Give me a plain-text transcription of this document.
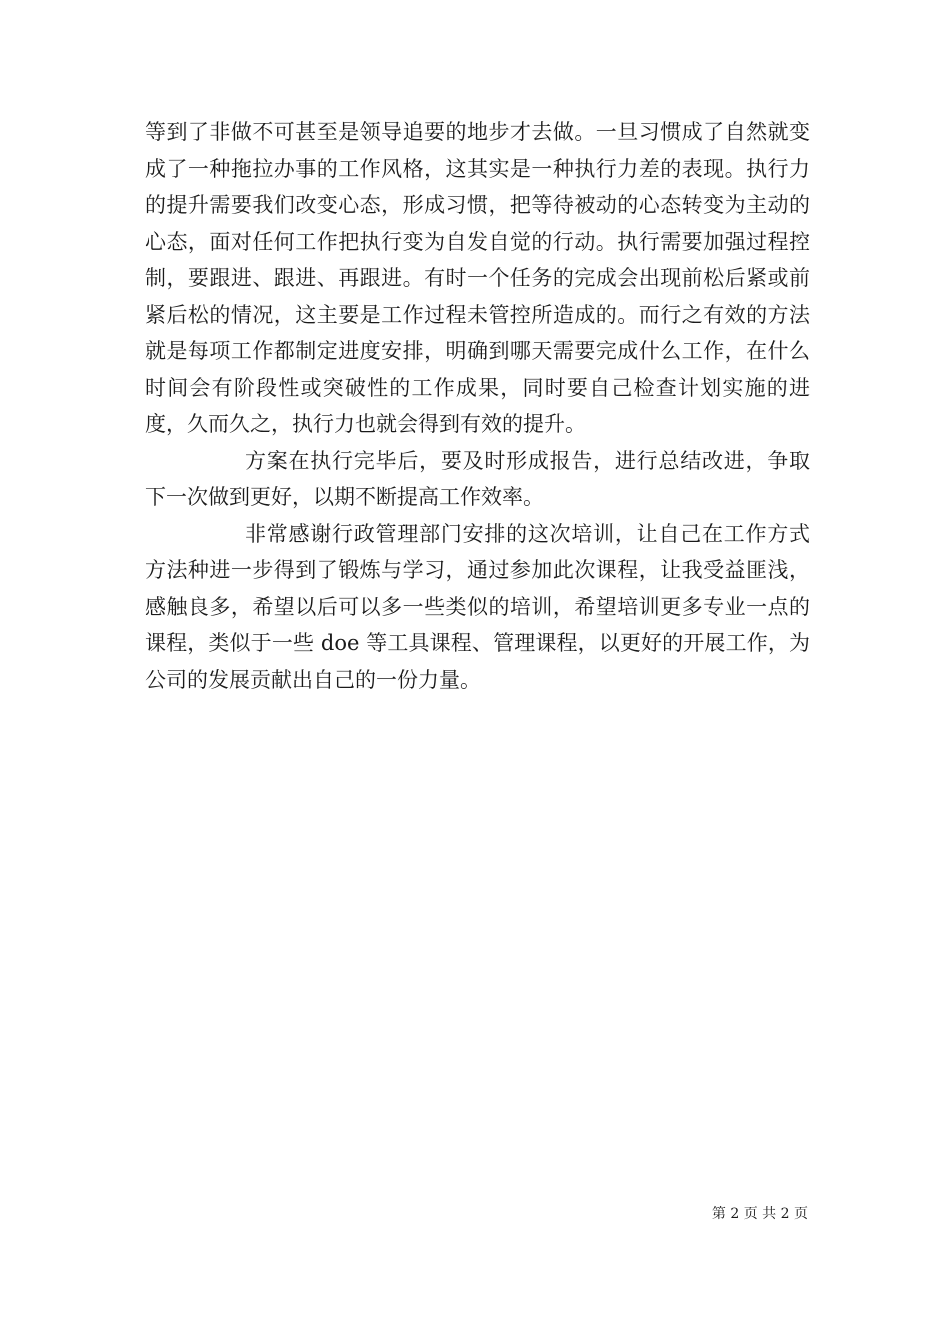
等到了非做不可甚至是领导追要的地步才去做。一旦习惯成了自然就变成了一种拖拉办事的工作风格，这其实是一种执行力差的表现。执行力的提升需要我们改变心态，形成习惯，把等待被动的心态转变为主动的心态，面对任何工作把执行变为自发自觉的行动。执行需要加强过程控制，要跟进、跟进、再跟进。有时一个任务的完成会出现前松后紧或前紧后松的情况，这主要是工作过程未管控所造成的。而行之有效的方法就是每项工作都制定进度安排，明确到哪天需要完成什么工作，在什么时间会有阶段性或突破性的工作成果，同时要自己检查计划实施的进度，久而久之，执行力也就会得到有效的提升。

方案在执行完毕后，要及时形成报告，进行总结改进，争取下一次做到更好，以期不断提高工作效率。

非常感谢行政管理部门安排的这次培训，让自己在工作方式方法种进一步得到了锻炼与学习，通过参加此次课程，让我受益匪浅，感触良多，希望以后可以多一些类似的培训，希望培训更多专业一点的课程，类似于一些 doe 等工具课程、管理课程，以更好的开展工作，为公司的发展贡献出自己的一份力量。

第 2 页 共 2 页
